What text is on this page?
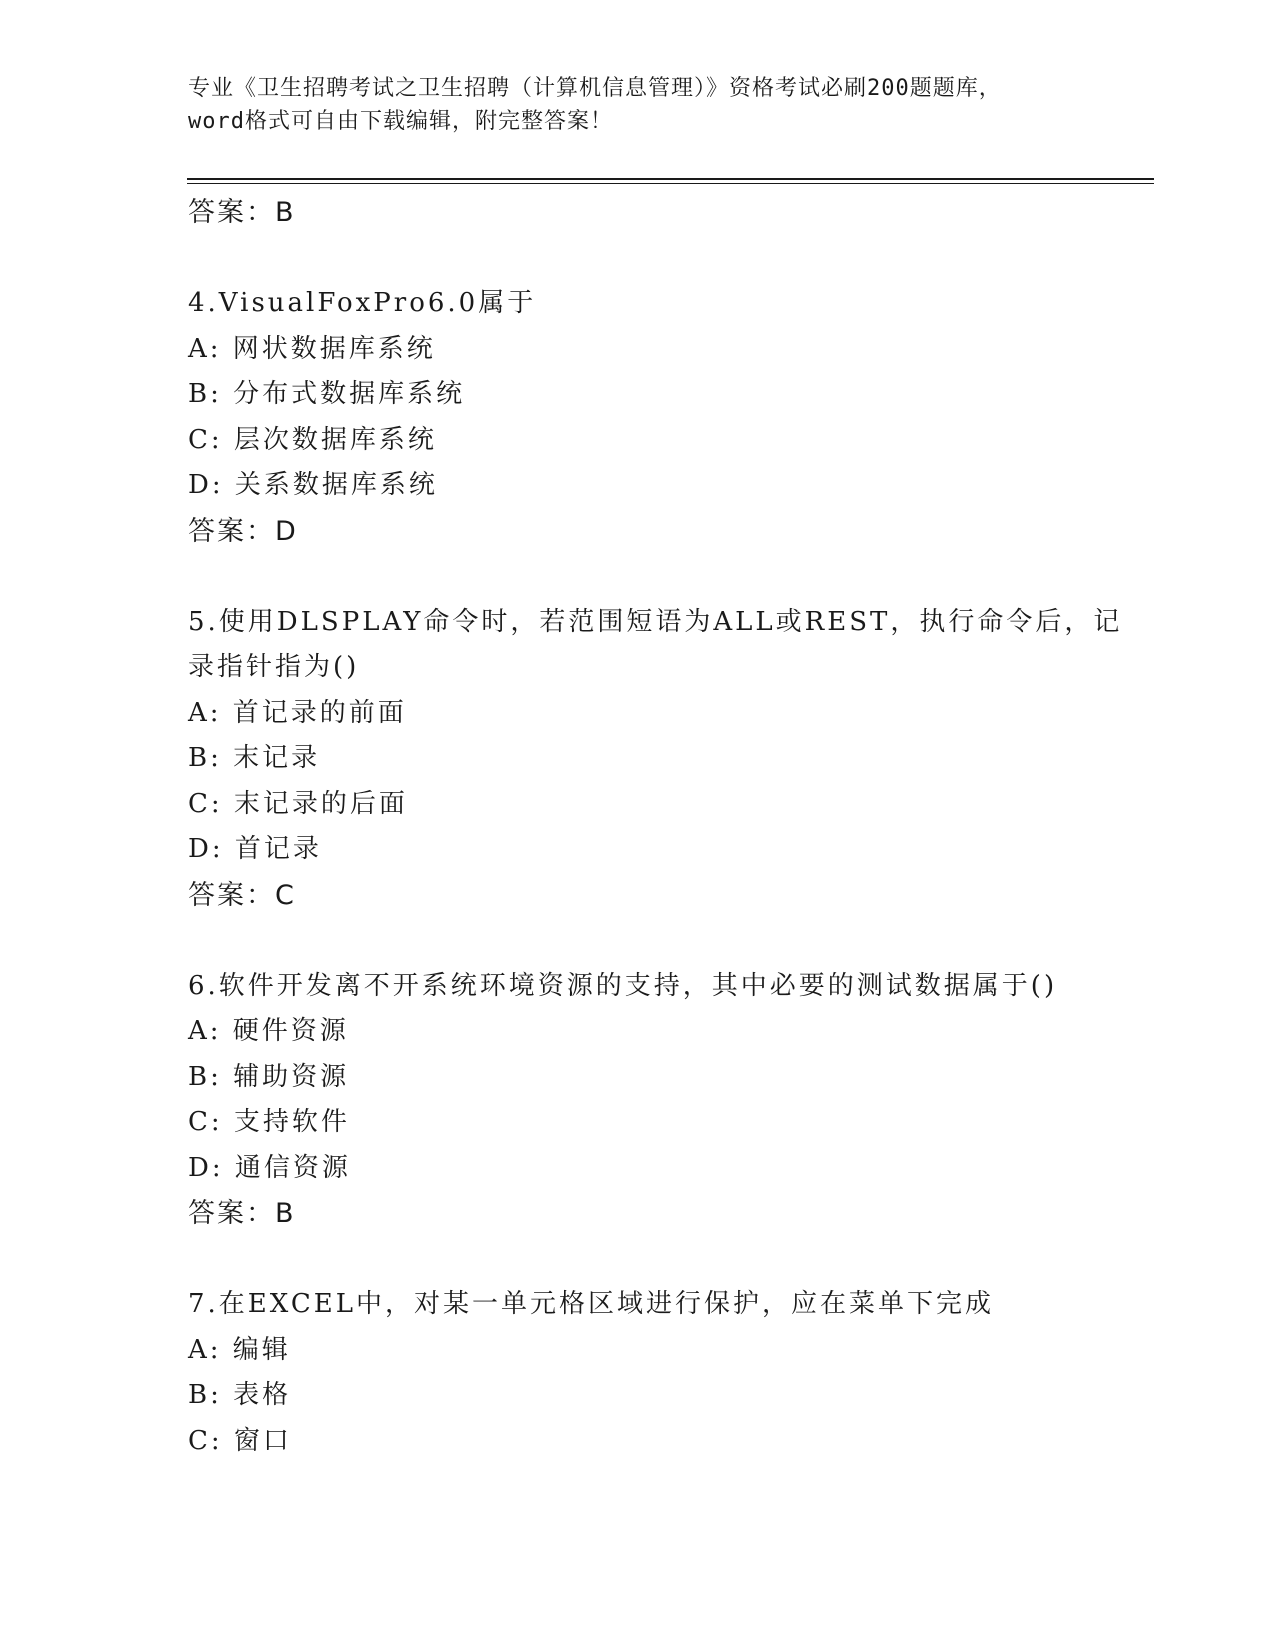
专业《卫生招聘考试之卫生招聘（计算机信息管理）》资格考试必刷200题题库，
word格式可自由下载编辑，附完整答案！
答案：B
4.VisualFoxPro6.0属于
A: 网状数据库系统
B: 分布式数据库系统
C: 层次数据库系统
D: 关系数据库系统
答案：D
5.使用DLSPLAY命令时，若范围短语为ALL或REST，执行命令后，记
录指针指为()
A: 首记录的前面
B: 末记录
C: 末记录的后面
D: 首记录
答案：C
6.软件开发离不开系统环境资源的支持，其中必要的测试数据属于()
A: 硬件资源
B: 辅助资源
C: 支持软件
D: 通信资源
答案：B
7.在EXCEL中，对某一单元格区域进行保护，应在菜单下完成
A: 编辑
B: 表格
C: 窗口
